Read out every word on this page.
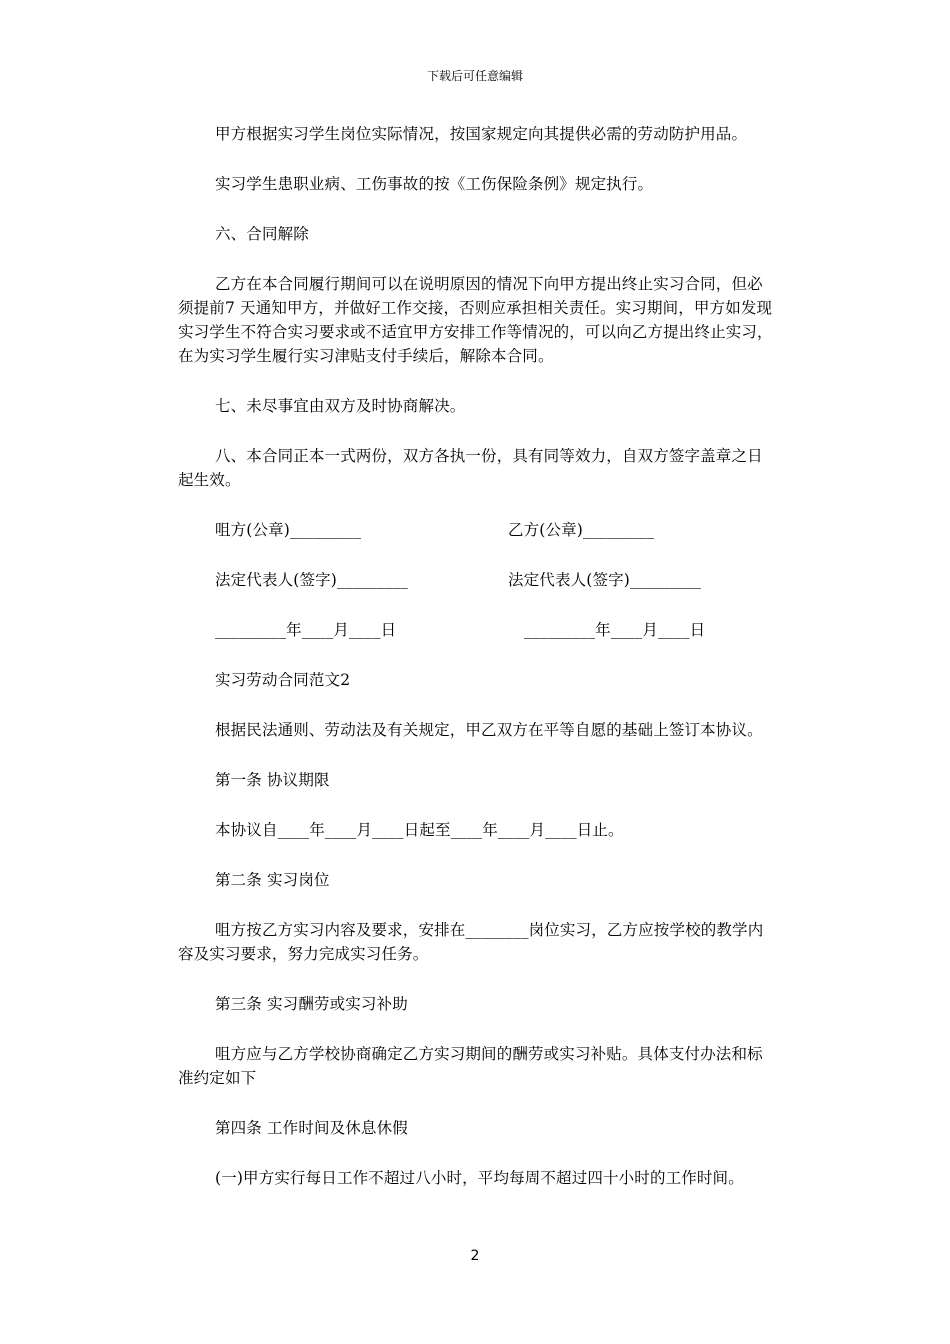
下载后可任意编辑

甲方根据实习学生岗位实际情况，按国家规定向其提供必需的劳动防护用品。

实习学生患职业病、工伤事故的按《工伤保险条例》规定执行。

六、合同解除

乙方在本合同履行期间可以在说明原因的情况下向甲方提出终止实习合同，但必须提前7 天通知甲方，并做好工作交接，否则应承担相关责任。实习期间，甲方如发现实习学生不符合实习要求或不适宜甲方安排工作等情况的，可以向乙方提出终止实习，在为实习学生履行实习津贴支付手续后，解除本合同。

七、未尽事宜由双方及时协商解决。

八、本合同正本一式两份，双方各执一份，具有同等效力，自双方签字盖章之日起生效。

咀方(公章)_________	乙方(公章)_________
法定代表人(签字)_________	法定代表人(签字)_________
_________年____月____日	_________年____月____日

实习劳动合同范文2

根据民法通则、劳动法及有关规定，甲乙双方在平等自愿的基础上签订本协议。

第一条 协议期限

本协议自____年____月____日起至____年____月____日止。

第二条 实习岗位

咀方按乙方实习内容及要求，安排在________岗位实习，乙方应按学校的教学内容及实习要求，努力完成实习任务。

第三条 实习酬劳或实习补助

咀方应与乙方学校协商确定乙方实习期间的酬劳或实习补贴。具体支付办法和标准约定如下

第四条 工作时间及休息休假

(一)甲方实行每日工作不超过八小时，平均每周不超过四十小时的工作时间。

2
